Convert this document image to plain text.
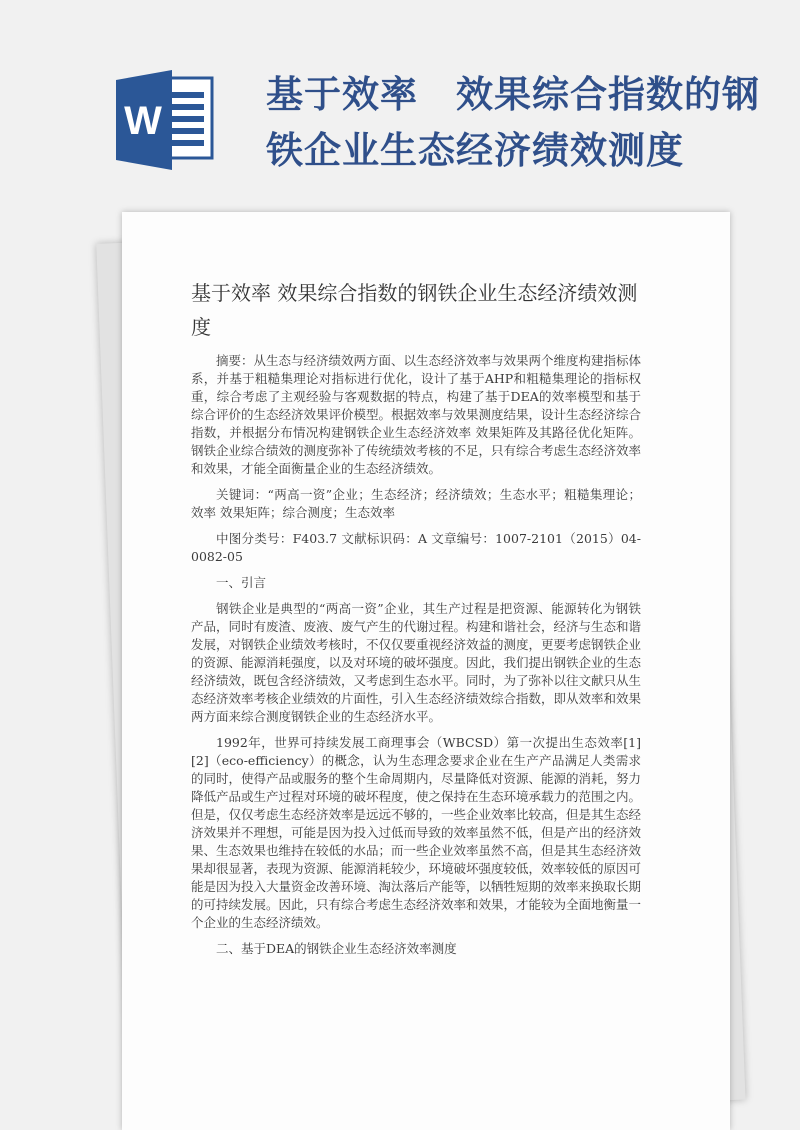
W
基于效率　效果综合指数的钢
铁企业生态经济绩效测度
基于效率 效果综合指数的钢铁企业生态经济绩效测度

摘要：从生态与经济绩效两方面、以生态经济效率与效果两个维度构建指标体系，并基于粗糙集理论对指标进行优化，设计了基于AHP和粗糙集理论的指标权重，综合考虑了主观经验与客观数据的特点，构建了基于DEA的效率模型和基于综合评价的生态经济效果评价模型。根据效率与效果测度结果，设计生态经济综合指数，并根据分布情况构建钢铁企业生态经济效率 效果矩阵及其路径优化矩阵。钢铁企业综合绩效的测度弥补了传统绩效考核的不足，只有综合考虑生态经济效率和效果，才能全面衡量企业的生态经济绩效。

关键词：“两高一资”企业；生态经济；经济绩效；生态水平；粗糙集理论；效率 效果矩阵；综合测度；生态效率

中图分类号：F403.7 文献标识码：A 文章编号：1007-2101（2015）04-0082-05

一、引言

钢铁企业是典型的“两高一资”企业，其生产过程是把资源、能源转化为钢铁产品，同时有废渣、废液、废气产生的代谢过程。构建和谐社会，经济与生态和谐发展，对钢铁企业绩效考核时，不仅仅要重视经济效益的测度，更要考虑钢铁企业的资源、能源消耗强度，以及对环境的破坏强度。因此，我们提出钢铁企业的生态经济绩效，既包含经济绩效，又考虑到生态水平。同时，为了弥补以往文献只从生态经济效率考核企业绩效的片面性，引入生态经济绩效综合指数，即从效率和效果两方面来综合测度钢铁企业的生态经济水平。

1992年，世界可持续发展工商理事会（WBCSD）第一次提出生态效率[1][2]（eco-efficiency）的概念，认为生态理念要求企业在生产产品满足人类需求的同时，使得产品或服务的整个生命周期内，尽量降低对资源、能源的消耗，努力降低产品或生产过程对环境的破坏程度，使之保持在生态环境承载力的范围之内。但是，仅仅考虑生态经济效率是远远不够的，一些企业效率比较高，但是其生态经济效果并不理想，可能是因为投入过低而导致的效率虽然不低，但是产出的经济效果、生态效果也维持在较低的水品；而一些企业效率虽然不高，但是其生态经济效果却很显著，表现为资源、能源消耗较少，环境破坏强度较低，效率较低的原因可能是因为投入大量资金改善环境、淘汰落后产能等，以牺牲短期的效率来换取长期的可持续发展。因此，只有综合考虑生态经济效率和效果，才能较为全面地衡量一个企业的生态经济绩效。

二、基于DEA的钢铁企业生态经济效率测度
